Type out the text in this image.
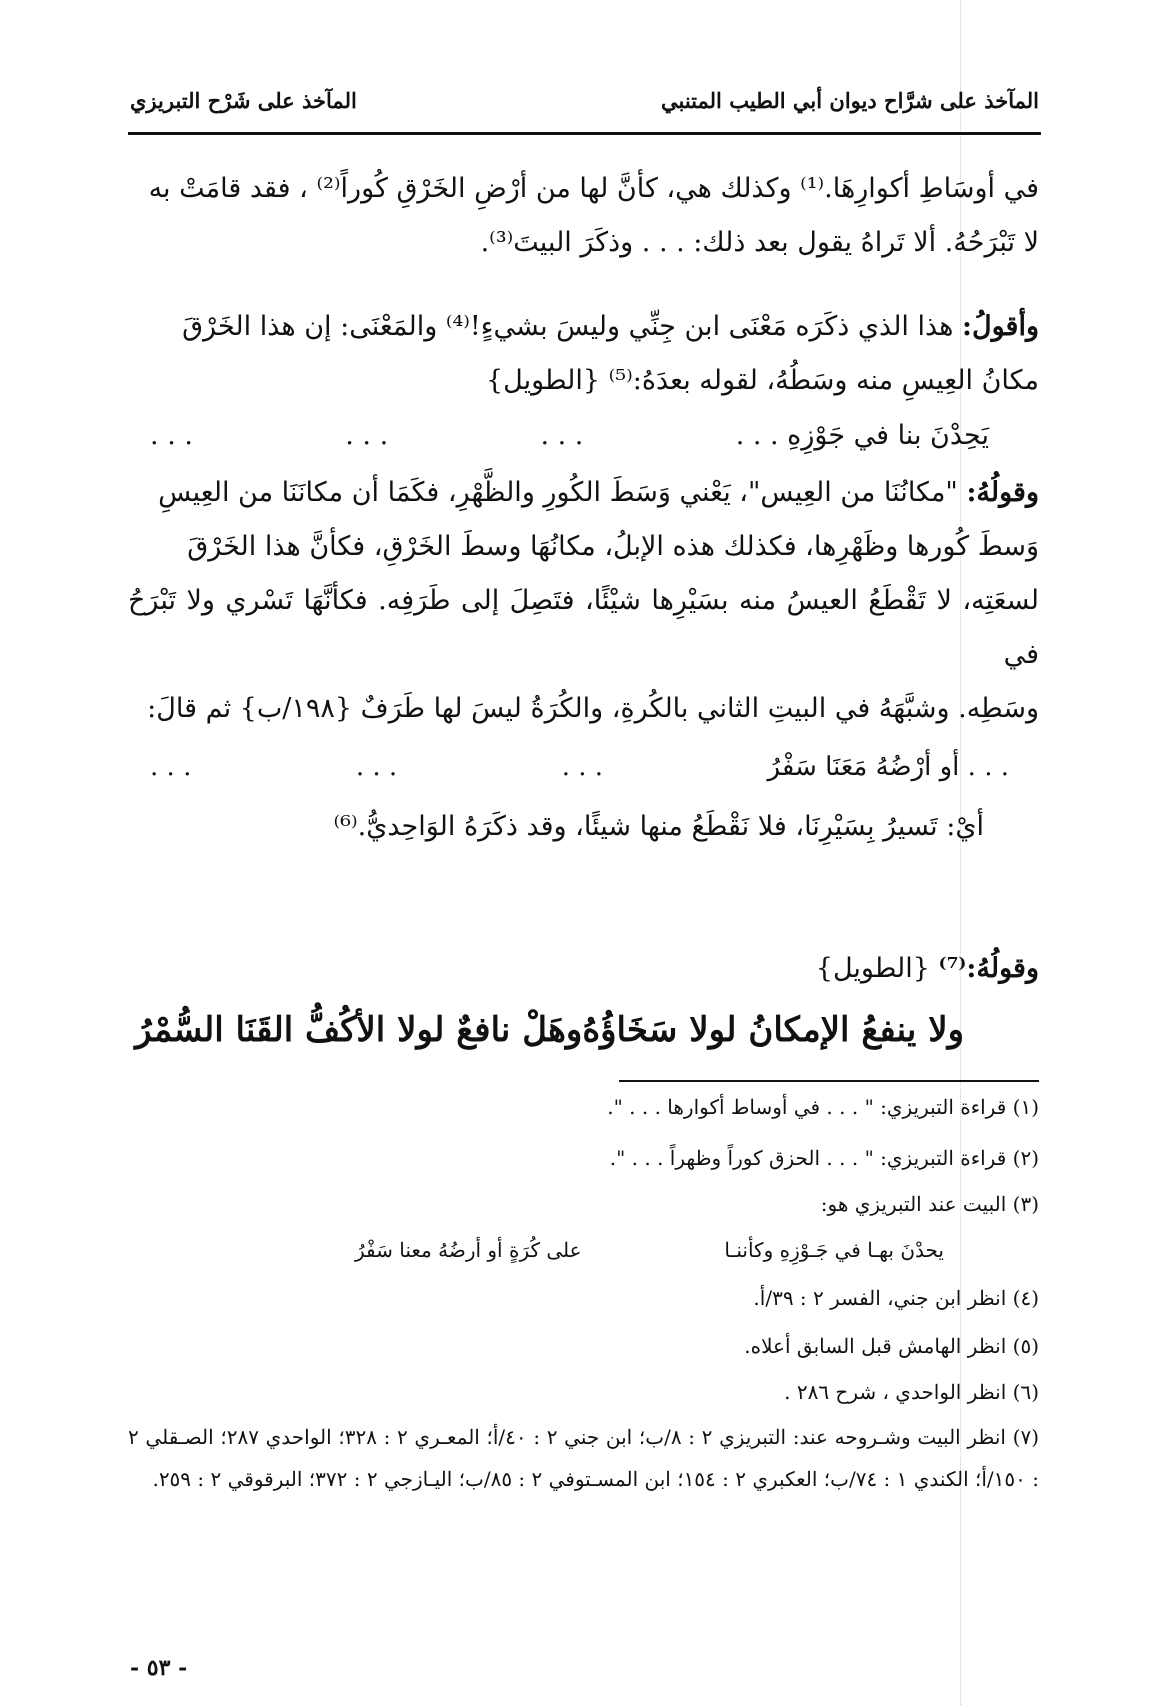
المآخذ على شرَّاح ديوان أبي الطيب المتنبي
المآخذ على شَرْح التبريزي
في أوسَاطِ أكوارِهَا.⁽¹⁾ وكذلك هي، كأنَّ لها من أرْضِ الخَرْقِ كُوراً⁽²⁾ ، فقد قامَتْ به
لا تَبْرَحُهُ. ألا تَراهُ يقول بعد ذلك: . . . وذكَرَ البيتَ⁽³⁾.
وأقولُ: هذا الذي ذكَرَه مَعْنَى ابن جِنِّي وليسَ بشيءٍ!⁽⁴⁾ والمَعْنَى: إن هذا الخَرْقَ
مكانُ العِيسِ منه وسَطُهُ، لقوله بعدَهُ:⁽⁵⁾ {الطويل}
يَحِدْنَ بنا في جَوْزِهِ . . .
. . .
. . .
. . .
وقولُهُ: "مكانُنَا من العِيس"، يَعْني وَسَطَ الكُورِ والظَّهْرِ، فكَمَا أن مكانَنَا من العِيسِ
وَسطَ كُورها وظَهْرِها، فكذلك هذه الإبلُ، مكانُهَا وسطَ الخَرْقِ، فكأنَّ هذا الخَرْقَ
لسعَتِه، لا تَقْطَعُ العيسُ منه بسَيْرِها شيْئًا، فتَصِلَ إلى طَرَفِه. فكأنَّهَا تَسْري ولا تَبْرَحُ في
وسَطِه. وشبَّهَهُ في البيتِ الثاني بالكُرةِ، والكُرَةُ ليسَ لها طَرَفٌ {١٩٨/ب} ثم قالَ:
. . . أو أرْضُهُ مَعَنَا سَفْرُ
. . .
. . .
. . .
أيْ: تَسيرُ بِسَيْرِنَا، فلا نَقْطَعُ منها شيئًا، وقد ذكَرَهُ الوَاحِديُّ.⁽⁶⁾
وقولُهُ:⁽⁷⁾ {الطويل}
ولا ينفعُ الإمكانُ لولا سَخَاؤُهُ
وهَلْ نافعٌ لولا الأكُفُّ القَنَا السُّمْرُ
(١) قراءة التبريزي: " . . . في أوساط أكوارها . . . ".
(٢) قراءة التبريزي: " . . . الحزق كوراً وظهراً . . . ".
(٣) البيت عند التبريزي هو:
يحدْنَ بهـا في جَـوْزِهِ وكأننـا
على كُرَةٍ أو أرضُهُ معنا سَفْرُ
(٤) انظر ابن جني، الفسر ٢ : ٣٩/أ.
(٥) انظر الهامش قبل السابق أعلاه.
(٦) انظر الواحدي ، شرح ٢٨٦ .
(٧) انظر البيت وشـروحه عند: التبريزي ٢ : ٨/ب؛ ابن جني ٢ : ٤٠/أ؛ المعـري ٢ : ٣٢٨؛ الواحدي ٢٨٧؛ الصـقلي ٢ : ١٥٠/أ؛ الكندي ١ : ٧٤/ب؛ العكبري ٢ : ١٥٤؛ ابن المسـتوفي ٢ : ٨٥/ب؛ اليـازجي ٢ : ٣٧٢؛ البرقوقي ٢ : ٢٥٩.
- ٥٣ -
